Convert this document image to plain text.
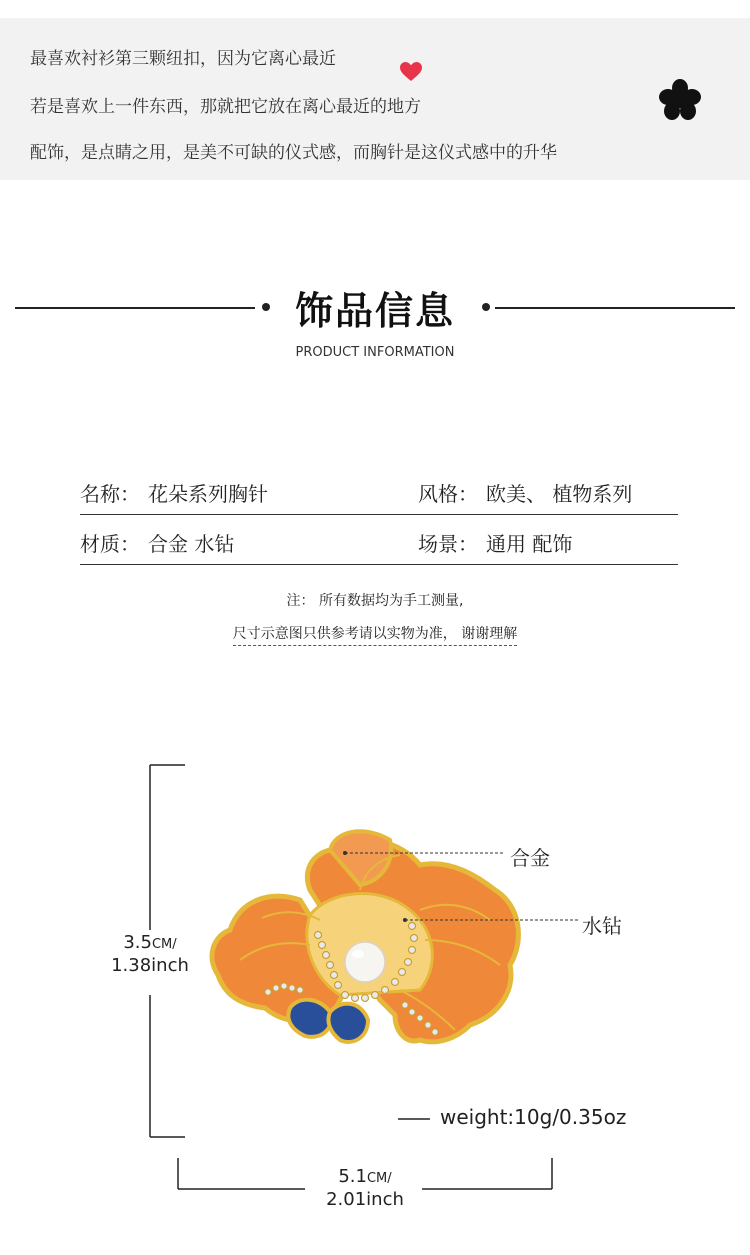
最喜欢衬衫第三颗纽扣，因为它离心最近
若是喜欢上一件东西，那就把它放在离心最近的地方
配饰，是点睛之用，是美不可缺的仪式感，而胸针是这仪式感中的升华
饰品信息
PRODUCT INFORMATION
名称： 花朵系列胸针	风格： 欧美、 植物系列
材质： 合金 水钻	场景： 通用 配饰
注： 所有数据均为手工测量,
尺寸示意图只供参考请以实物为准， 谢谢理解
3.5CM/
1.38inch
5.1CM/
2.01inch
合金
水钻
weight:10g/0.35oz
